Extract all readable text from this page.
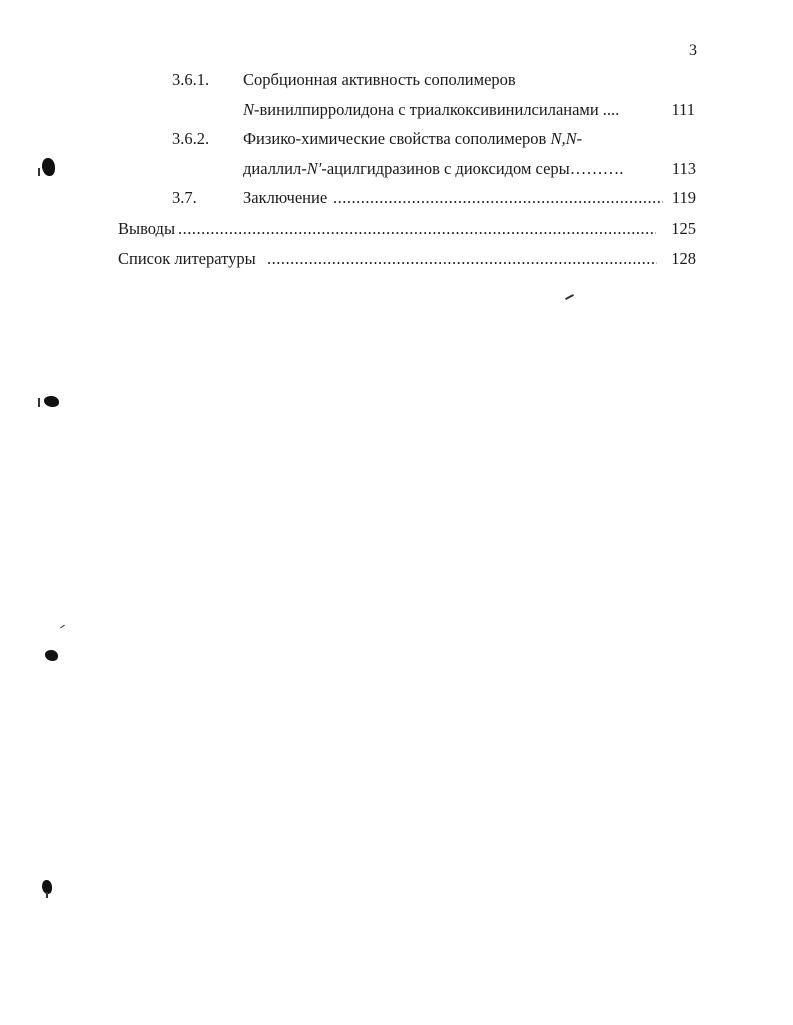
3
3.6.1. Сорбционная активность сополимеров
N-винилпирролидона с триалкоксивинилсиланами ....	111
3.6.2. Физико-химические свойства сополимеров N,N-
диаллил-N′-ацилгидразинов с диоксидом серы……….	113
3.7.	Заключение .....	119
Выводы .....	125
Список литературы .....	128
